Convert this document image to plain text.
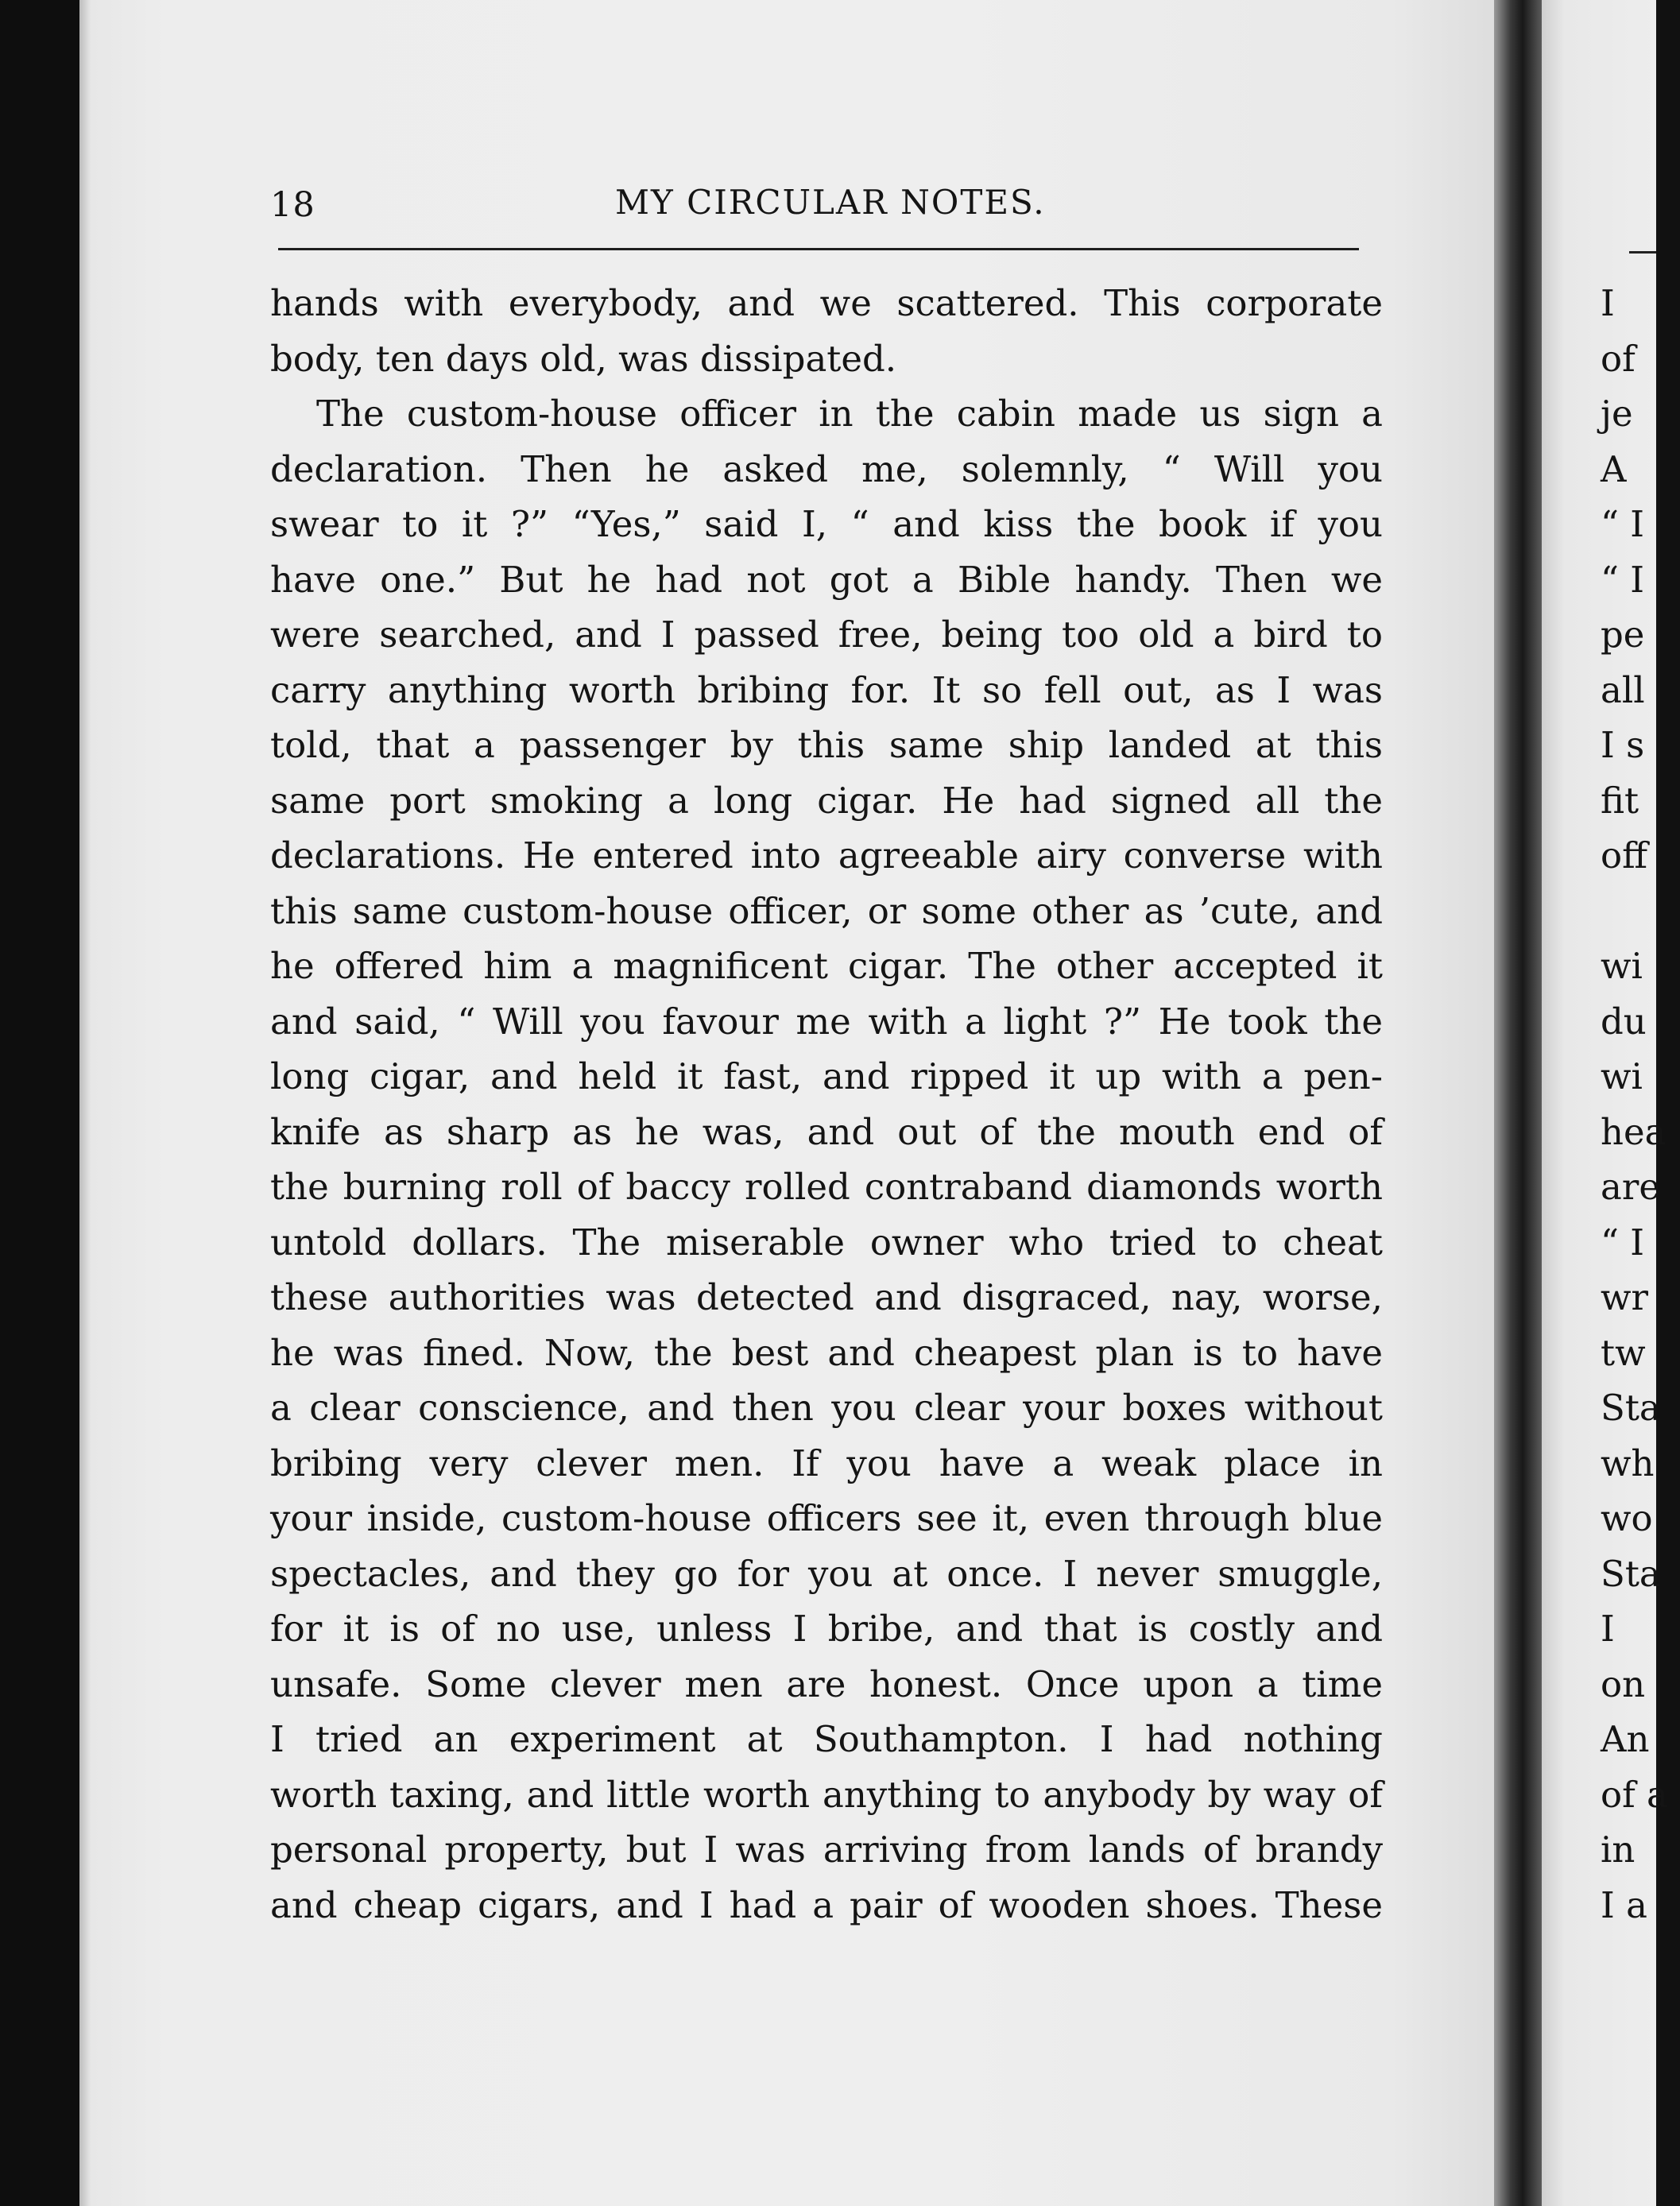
18	MY CIRCULAR NOTES.
hands with everybody, and we scattered. This corporate
body, ten days old, was dissipated.
The custom-house officer in the cabin made us sign a
declaration. Then he asked me, solemnly, “ Will you
swear to it ?” “Yes,” said I, “ and kiss the book if you
have one.” But he had not got a Bible handy. Then we
were searched, and I passed free, being too old a bird to
carry anything worth bribing for. It so fell out, as I was
told, that a passenger by this same ship landed at this
same port smoking a long cigar. He had signed all the
declarations. He entered into agreeable airy converse with
this same custom-house officer, or some other as ’cute, and
he offered him a magnificent cigar. The other accepted it
and said, “ Will you favour me with a light ?” He took the
long cigar, and held it fast, and ripped it up with a pen-
knife as sharp as he was, and out of the mouth end of
the burning roll of baccy rolled contraband diamonds worth
untold dollars. The miserable owner who tried to cheat
these authorities was detected and disgraced, nay, worse,
he was fined. Now, the best and cheapest plan is to have
a clear conscience, and then you clear your boxes without
bribing very clever men. If you have a weak place in
your inside, custom-house officers see it, even through blue
spectacles, and they go for you at once. I never smuggle,
for it is of no use, unless I bribe, and that is costly and
unsafe. Some clever men are honest. Once upon a time
I tried an experiment at Southampton. I had nothing
worth taxing, and little worth anything to anybody by way of
personal property, but I was arriving from lands of brandy
and cheap cigars, and I had a pair of wooden shoes. These
I
of
je
A
“ I
“ I
pe
all
I s
fit
off
wi
du
wi
hea
are
“ I
wr
tw
Sta
wh
wo
Sta
I
on
An
of a
in
I a
